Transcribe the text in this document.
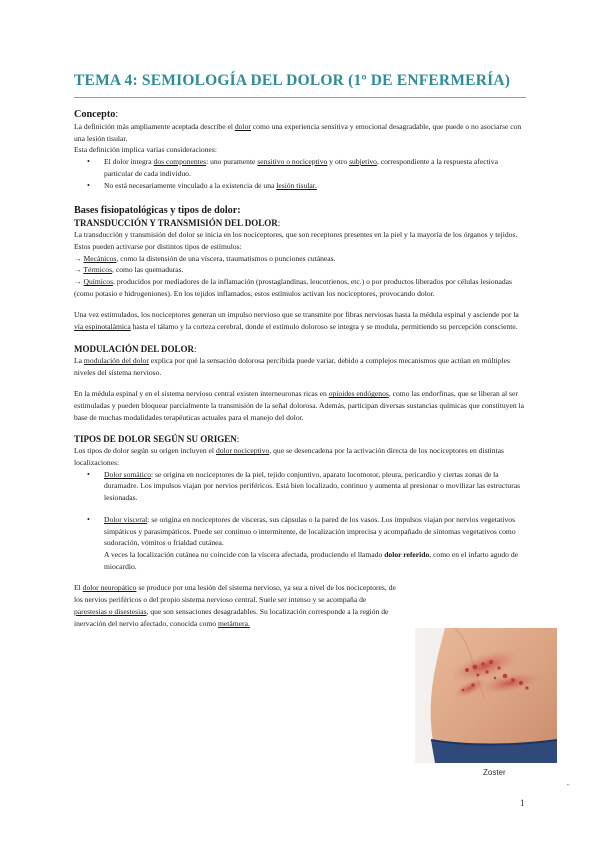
TEMA 4: SEMIOLOGÍA DEL DOLOR (1º DE ENFERMERÍA)

Concepto:

La definición más ampliamente aceptada describe el dolor como una experiencia sensitiva y emocional desagradable, que puede o no asociarse con una lesión tisular.

Esta definición implica varias consideraciones:

• El dolor integra dos componentes: uno puramente sensitivo o nociceptivo y otro subjetivo, correspondiente a la respuesta afectiva particular de cada individuo.
• No está necesariamente vinculado a la existencia de una lesión tisular.

Bases fisiopatológicas y tipos de dolor:

TRANSDUCCIÓN Y TRANSMISIÓN DEL DOLOR:

La transducción y transmisión del dolor se inicia en los nociceptores, que son receptores presentes en la piel y la mayoría de los órganos y tejidos. Estos pueden activarse por distintos tipos de estímulos:

→ Mecánicos, como la distensión de una víscera, traumatismos o punciones cutáneas.

→ Térmicos, como las quemaduras.

→ Químicos, producidos por mediadores de la inflamación (prostaglandinas, leucotrienos, etc.) o por productos liberados por células lesionadas (como potasio e hidrogeniones). En los tejidos inflamados, estos estímulos activan los nociceptores, provocando dolor.

Una vez estimulados, los nociceptores generan un impulso nervioso que se transmite por fibras nerviosas hasta la médula espinal y asciende por la vía espinotalámica hasta el tálamo y la corteza cerebral, donde el estímulo doloroso se integra y se modula, permitiendo su percepción consciente.

MODULACIÓN DEL DOLOR:

La modulación del dolor explica por qué la sensación dolorosa percibida puede variar, debido a complejos mecanismos que actúan en múltiples niveles del sistema nervioso.

En la médula espinal y en el sistema nervioso central existen interneuronas ricas en opioides endógenos, como las endorfinas, que se liberan al ser estimuladas y pueden bloquear parcialmente la transmisión de la señal dolorosa. Además, participan diversas sustancias químicas que constituyen la base de muchas modalidades terapéuticas actuales para el manejo del dolor.

TIPOS DE DOLOR SEGÚN SU ORIGEN:

Los tipos de dolor según su origen incluyen el dolor nociceptivo, que se desencadena por la activación directa de los nociceptores en distintas localizaciones:

• Dolor somático: se origina en nociceptores de la piel, tejido conjuntivo, aparato locomotor, pleura, pericardio y ciertas zonas de la duramadre. Los impulsos viajan por nervios periféricos. Está bien localizado, continuo y aumenta al presionar o movilizar las estructuras lesionadas.
• Dolor visceral: se origina en nociceptores de vísceras, sus cápsulas o la pared de los vasos. Los impulsos viajan por nervios vegetativos simpáticos y parasimpáticos. Puede ser continuo o intermitente, de localización imprecisa y acompañado de síntomas vegetativos como sudoración, vómitos o frialdad cutánea.
A veces la localización cutánea no coincide con la víscera afectada, produciendo el llamado dolor referido, como en el infarto agudo de miocardio.

El dolor neuropático se produce por una lesión del sistema nervioso, ya sea a nivel de los nociceptores, de los nervios periféricos o del propio sistema nervioso central. Suele ser intenso y se acompaña de parestesias o disestesias, que son sensaciones desagradables. Su localización corresponde a la región de inervación del nervio afectado, conocida como metámera.

Zoster
′′
1
